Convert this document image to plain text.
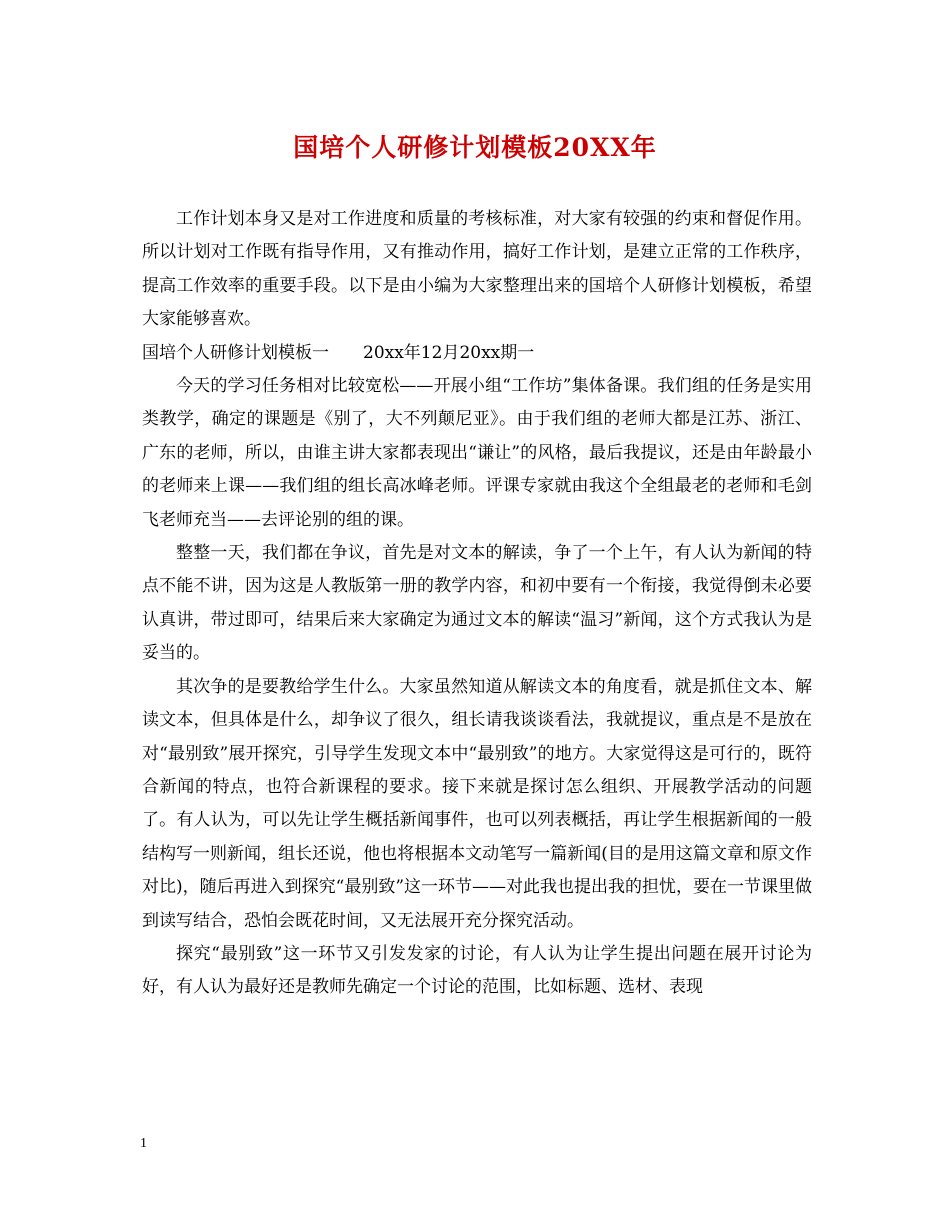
国培个人研修计划模板20XX年

工作计划本身又是对工作进度和质量的考核标准，对大家有较强的约束和督促作用。所以计划对工作既有指导作用，又有推动作用，搞好工作计划，是建立正常的工作秩序，提高工作效率的重要手段。以下是由小编为大家整理出来的国培个人研修计划模板，希望大家能够喜欢。

国培个人研修计划模板一　　20xx年12月20xx期一

今天的学习任务相对比较宽松——开展小组“工作坊”集体备课。我们组的任务是实用类教学，确定的课题是《别了，大不列颠尼亚》。由于我们组的老师大都是江苏、浙江、广东的老师，所以，由谁主讲大家都表现出“谦让”的风格，最后我提议，还是由年龄最小的老师来上课——我们组的组长高冰峰老师。评课专家就由我这个全组最老的老师和毛剑飞老师充当——去评论别的组的课。

整整一天，我们都在争议，首先是对文本的解读，争了一个上午，有人认为新闻的特点不能不讲，因为这是人教版第一册的教学内容，和初中要有一个衔接，我觉得倒未必要认真讲，带过即可，结果后来大家确定为通过文本的解读“温习”新闻，这个方式我认为是妥当的。

其次争的是要教给学生什么。大家虽然知道从解读文本的角度看，就是抓住文本、解读文本，但具体是什么，却争议了很久，组长请我谈谈看法，我就提议，重点是不是放在对“最别致”展开探究，引导学生发现文本中“最别致”的地方。大家觉得这是可行的，既符合新闻的特点，也符合新课程的要求。接下来就是探讨怎么组织、开展教学活动的问题了。有人认为，可以先让学生概括新闻事件，也可以列表概括，再让学生根据新闻的一般结构写一则新闻，组长还说，他也将根据本文动笔写一篇新闻(目的是用这篇文章和原文作对比)，随后再进入到探究“最别致”这一环节——对此我也提出我的担忧，要在一节课里做到读写结合，恐怕会既花时间，又无法展开充分探究活动。

探究“最别致”这一环节又引发发家的讨论，有人认为让学生提出问题在展开讨论为好，有人认为最好还是教师先确定一个讨论的范围，比如标题、选材、表现

1
